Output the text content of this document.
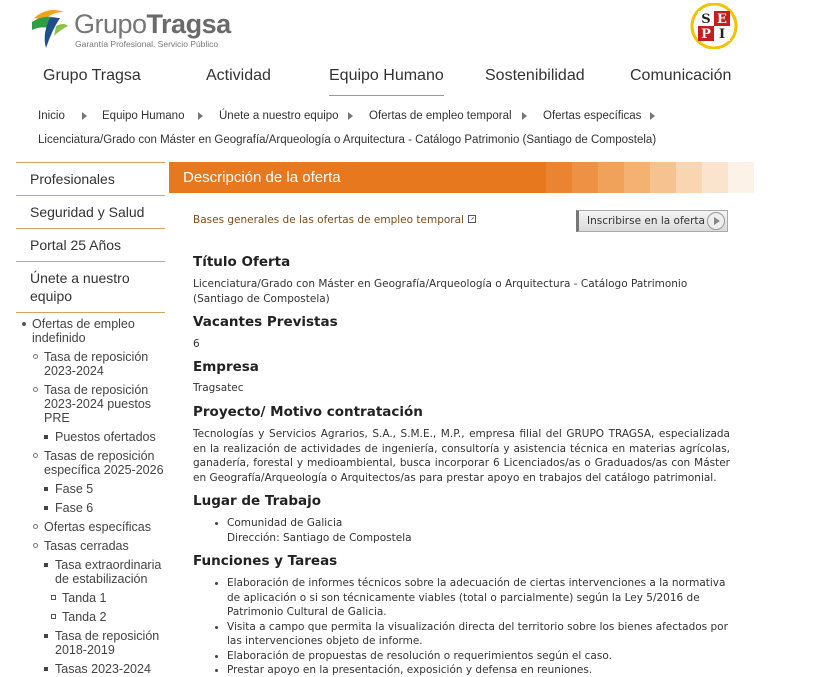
GrupoTragsa
Garantía Profesional. Servicio Público
S E
P I
Grupo Tragsa	Actividad	Equipo Humano	Sostenibilidad	Comunicación
Inicio	Equipo Humano	Únete a nuestro equipo	Ofertas de empleo temporal	Ofertas específicas
Licenciatura/Grado con Máster en Geografía/Arqueología o Arquitectura - Catálogo Patrimonio (Santiago de Compostela)
Profesionales
Seguridad y Salud
Portal 25 Años
Únete a nuestro equipo
Ofertas de empleo indefinido
Tasa de reposición 2023-2024
Tasa de reposición 2023-2024 puestos PRE
Puestos ofertados
Tasas de reposición específica 2025-2026
Fase 5
Fase 6
Ofertas específicas
Tasas cerradas
Tasa extraordinaria de estabilización
Tanda 1
Tanda 2
Tasa de reposición 2018-2019
Tasas 2023-2024
Descripción de la oferta
Bases generales de las ofertas de empleo temporal	Inscribirse en la oferta
Título Oferta
Licenciatura/Grado con Máster en Geografía/Arqueología o Arquitectura - Catálogo Patrimonio (Santiago de Compostela)
Vacantes Previstas
6
Empresa
Tragsatec
Proyecto/ Motivo contratación
Tecnologías y Servicios Agrarios, S.A., S.M.E., M.P., empresa filial del GRUPO TRAGSA, especializada en la realización de actividades de ingeniería, consultoría y asistencia técnica en materias agrícolas, ganadería, forestal y medioambiental, busca incorporar 6 Licenciados/as o Graduados/as con Máster en Geografía/Arqueología o Arquitectos/as para prestar apoyo en trabajos del catálogo patrimonial.
Lugar de Trabajo
Comunidad de Galicia
Dirección: Santiago de Compostela
Funciones y Tareas
Elaboración de informes técnicos sobre la adecuación de ciertas intervenciones a la normativa de aplicación o si son técnicamente viables (total o parcialmente) según la Ley 5/2016 de Patrimonio Cultural de Galicia.
Visita a campo que permita la visualización directa del territorio sobre los bienes afectados por las intervenciones objeto de informe.
Elaboración de propuestas de resolución o requerimientos según el caso.
Prestar apoyo en la presentación, exposición y defensa en reuniones.
